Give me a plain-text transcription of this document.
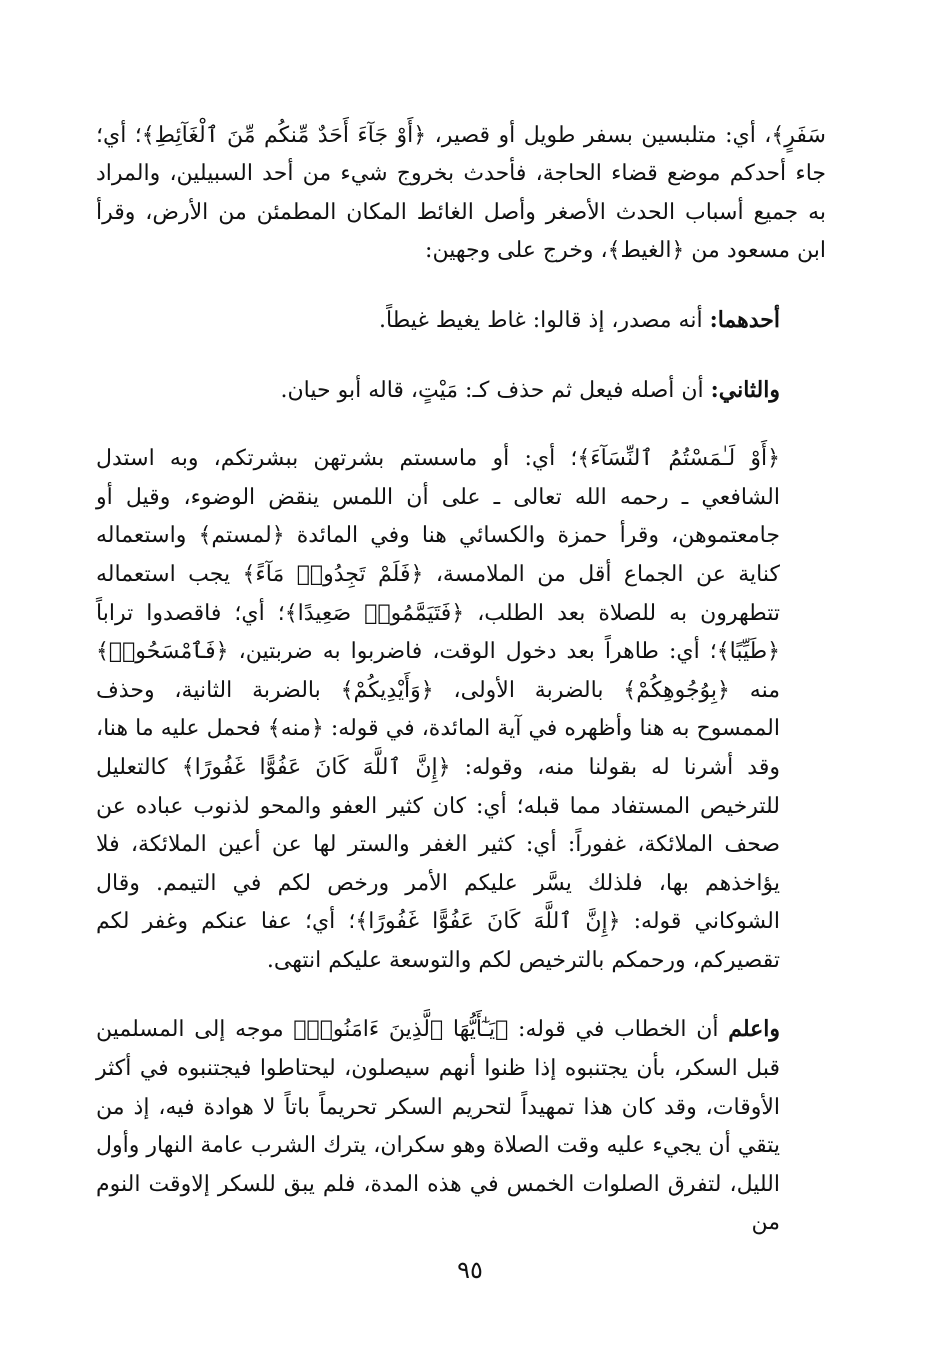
سَفَرٍ﴾، أي: متلبسين بسفر طويل أو قصير، ﴿أَوْ جَآءَ أَحَدٌ مِّنكُم مِّنَ ٱلْغَآئِطِ﴾؛ أي؛ جاء أحدكم موضع قضاء الحاجة، فأحدث بخروج شيء من أحد السبيلين، والمراد به جميع أسباب الحدث الأصغر وأصل الغائط المكان المطمئن من الأرض، وقرأ ابن مسعود من ﴿الغيط﴾، وخرج على وجهين:

أحدهما: أنه مصدر، إذ قالوا: غاط يغيط غيطاً.

والثاني: أن أصله فيعل ثم حذف كـ: مَيْتٍ، قاله أبو حيان.

﴿أَوْ لَـٰمَسْتُمُ ٱلنِّسَآءَ﴾؛ أي: أو ماسستم بشرتهن ببشرتكم، وبه استدل الشافعي ـ رحمه الله تعالى ـ على أن اللمس ينقض الوضوء، وقيل أو جامعتموهن، وقرأ حمزة والكسائي هنا وفي المائدة ﴿لمستم﴾ واستعماله كناية عن الجماع أقل من الملامسة، ﴿فَلَمْ تَجِدُوا۟ مَآءً﴾ يجب استعماله تتطهرون به للصلاة بعد الطلب، ﴿فَتَيَمَّمُوا۟ صَعِيدًا﴾؛ أي؛ فاقصدوا تراباً ﴿طَيِّبًا﴾؛ أي: طاهراً بعد دخول الوقت، فاضربوا به ضربتين، ﴿فَٱمْسَحُوا۟﴾ منه ﴿بِوُجُوهِكُمْ﴾ بالضربة الأولى، ﴿وَأَيْدِيكُمْ﴾ بالضربة الثانية، وحذف الممسوح به هنا وأظهره في آية المائدة، في قوله: ﴿منه﴾ فحمل عليه ما هنا، وقد أشرنا له بقولنا منه، وقوله: ﴿إِنَّ ٱللَّهَ كَانَ عَفُوًّا غَفُورًا﴾ كالتعليل للترخيص المستفاد مما قبله؛ أي: كان كثير العفو والمحو لذنوب عباده عن صحف الملائكة، غفوراً: أي: كثير الغفر والستر لها عن أعين الملائكة، فلا يؤاخذهم بها، فلذلك يسَّر عليكم الأمر ورخص لكم في التيمم. وقال الشوكاني قوله: ﴿إِنَّ ٱللَّهَ كَانَ عَفُوًّا غَفُورًا﴾؛ أي؛ عفا عنكم وغفر لكم تقصيركم، ورحمكم بالترخيص لكم والتوسعة عليكم انتهى.

واعلم أن الخطاب في قوله: ﴿يَـٰٓأَيُّهَا ٱلَّذِينَ ءَامَنُوا۟﴾ موجه إلى المسلمين قبل السكر، بأن يجتنبوه إذا ظنوا أنهم سيصلون، ليحتاطوا فيجتنبوه في أكثر الأوقات، وقد كان هذا تمهيداً لتحريم السكر تحريماً باتاً لا هوادة فيه، إذ من يتقي أن يجيء عليه وقت الصلاة وهو سكران، يترك الشرب عامة النهار وأول الليل، لتفرق الصلوات الخمس في هذه المدة، فلم يبق للسكر إلاوقت النوم من

٩٥
